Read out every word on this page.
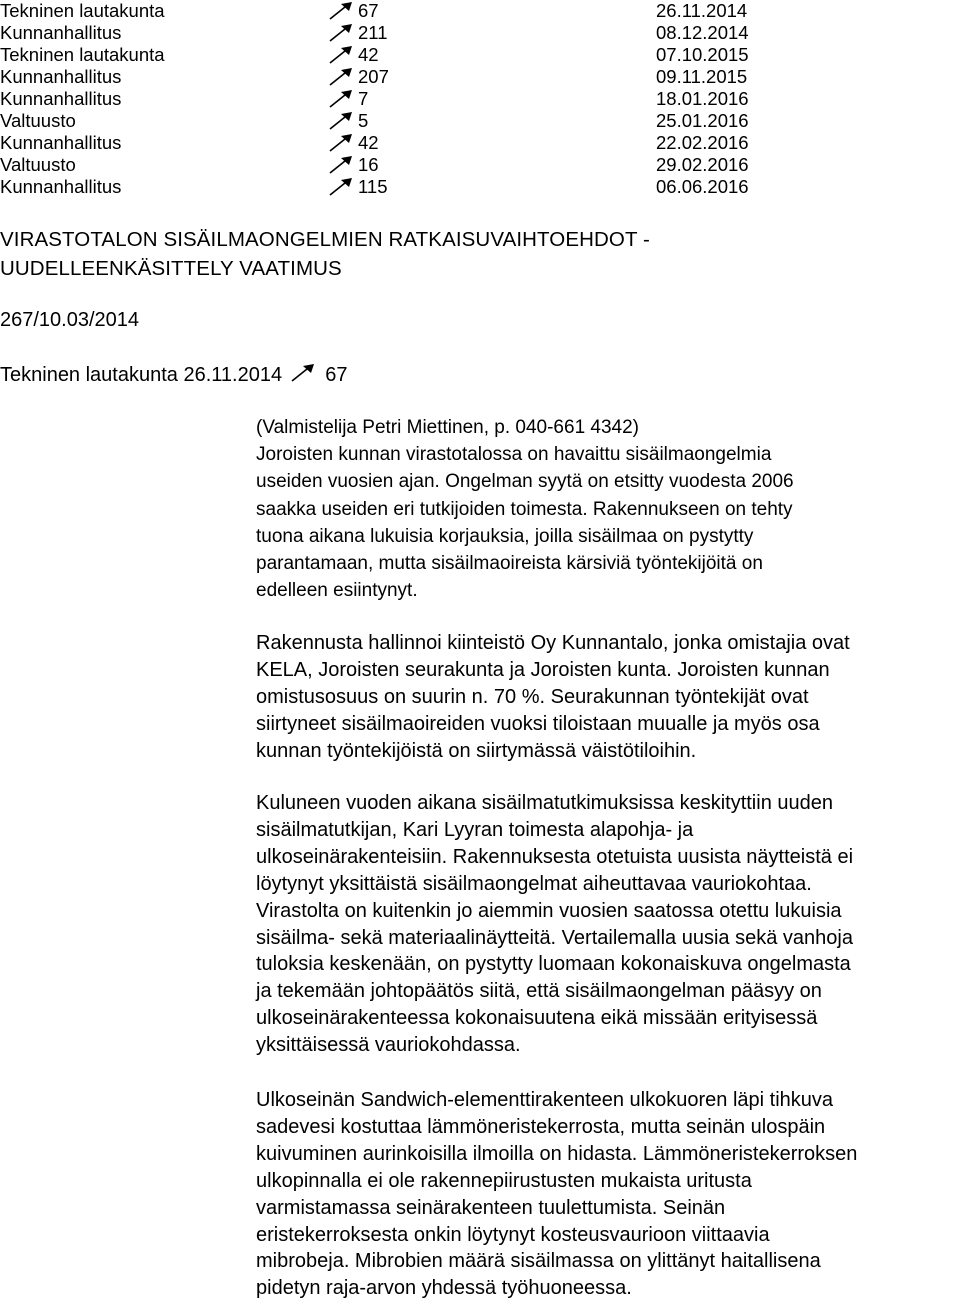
Tekninen lautakunta	67	26.11.2014
Kunnanhallitus	211	08.12.2014
Tekninen lautakunta	42	07.10.2015
Kunnanhallitus	207	09.11.2015
Kunnanhallitus	7	18.01.2016
Valtuusto	5	25.01.2016
Kunnanhallitus	42	22.02.2016
Valtuusto	16	29.02.2016
Kunnanhallitus	115	06.06.2016
VIRASTOTALON SISÄILMAONGELMIEN RATKAISUVAIHTOEHDOT -
UUDELLEENKÄSITTELY VAATIMUS

267/10.03/2014

Tekninen lautakunta 26.11.2014 67

(Valmistelija Petri Miettinen, p. 040-661 4342)
Joroisten kunnan virastotalossa on havaittu sisäilmaongelmia
useiden vuosien ajan. Ongelman syytä on etsitty vuodesta 2006
saakka useiden eri tutkijoiden toimesta. Rakennukseen on tehty
tuona aikana lukuisia korjauksia, joilla sisäilmaa on pystytty
parantamaan, mutta sisäilmaoireista kärsiviä työntekijöitä on
edelleen esiintynyt.

Rakennusta hallinnoi kiinteistö Oy Kunnantalo, jonka omistajia ovat
KELA, Joroisten seurakunta ja Joroisten kunta. Joroisten kunnan
omistusosuus on suurin n. 70 %. Seurakunnan työntekijät ovat
siirtyneet sisäilmaoireiden vuoksi tiloistaan muualle ja myös osa
kunnan työntekijöistä on siirtymässä väistötiloihin.

Kuluneen vuoden aikana sisäilmatutkimuksissa keskityttiin uuden
sisäilmatutkijan, Kari Lyyran toimesta alapohja- ja
ulkoseinärakenteisiin. Rakennuksesta otetuista uusista näytteistä ei
löytynyt yksittäistä sisäilmaongelmat aiheuttavaa vauriokohtaa.
Virastolta on kuitenkin jo aiemmin vuosien saatossa otettu lukuisia
sisäilma- sekä materiaalinäytteitä. Vertailemalla uusia sekä vanhoja
tuloksia keskenään, on pystytty luomaan kokonaiskuva ongelmasta
ja tekemään johtopäätös siitä, että sisäilmaongelman pääsyy on
ulkoseinärakenteessa kokonaisuutena eikä missään erityisessä
yksittäisessä vauriokohdassa.

Ulkoseinän Sandwich-elementtirakenteen ulkokuoren läpi tihkuva
sadevesi kostuttaa lämmöneristekerrosta, mutta seinän ulospäin
kuivuminen aurinkoisilla ilmoilla on hidasta. Lämmöneristekerroksen
ulkopinnalla ei ole rakennepiirustusten mukaista uritusta
varmistamassa seinärakenteen tuulettumista. Seinän
eristekerroksesta onkin löytynyt kosteusvaurioon viittaavia
mibrobeja. Mibrobien määrä sisäilmassa on ylittänyt haitallisena
pidetyn raja-arvon yhdessä työhuoneessa.
